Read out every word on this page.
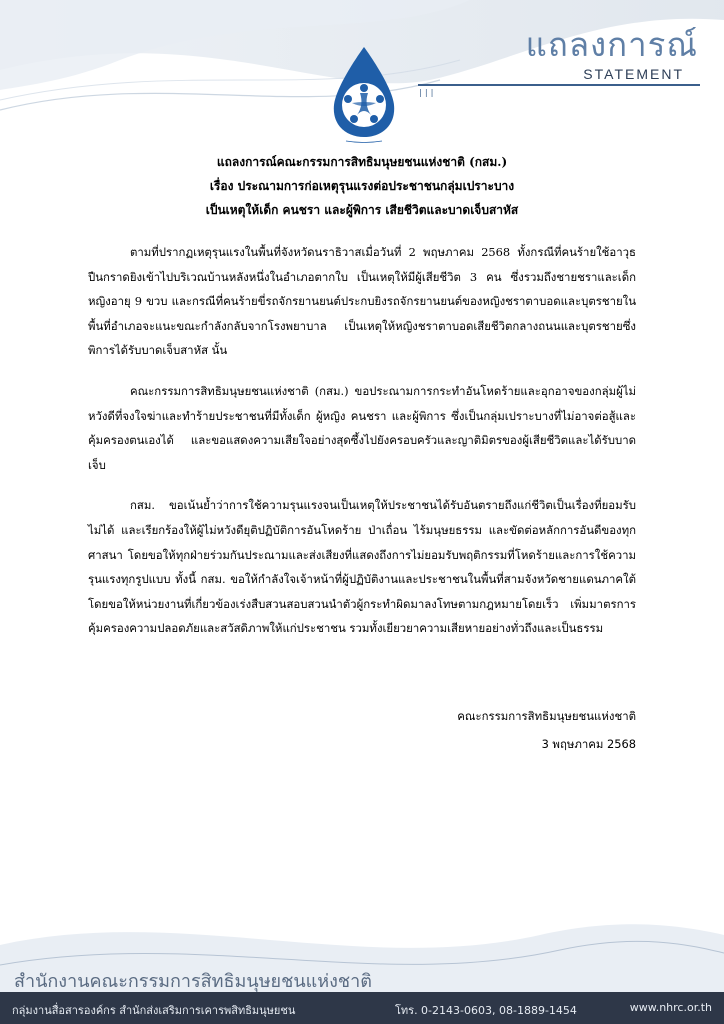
แถลงการณ์
STATEMENT
|||
แถลงการณ์คณะกรรมการสิทธิมนุษยชนแห่งชาติ (กสม.)
เรื่อง ประณามการก่อเหตุรุนแรงต่อประชาชนกลุ่มเปราะบาง
เป็นเหตุให้เด็ก คนชรา และผู้พิการ เสียชีวิตและบาดเจ็บสาหัส

ตามที่ปรากฏเหตุรุนแรงในพื้นที่จังหวัดนราธิวาสเมื่อวันที่ 2 พฤษภาคม 2568 ทั้งกรณีที่คนร้ายใช้อาวุธปืนกราดยิงเข้าไปบริเวณบ้านหลังหนึ่งในอำเภอตากใบ เป็นเหตุให้มีผู้เสียชีวิต 3 คน ซึ่งรวมถึงชายชราและเด็กหญิงอายุ 9 ขวบ และกรณีที่คนร้ายขี่รถจักรยานยนต์ประกบยิงรถจักรยานยนต์ของหญิงชราตาบอดและบุตรชายในพื้นที่อำเภอจะแนะขณะกำลังกลับจากโรงพยาบาล เป็นเหตุให้หญิงชราตาบอดเสียชีวิตกลางถนนและบุตรชายซึ่งพิการได้รับบาดเจ็บสาหัส นั้น

คณะกรรมการสิทธิมนุษยชนแห่งชาติ (กสม.) ขอประณามการกระทำอันโหดร้ายและอุกอาจของกลุ่มผู้ไม่หวังดีที่จงใจฆ่าและทำร้ายประชาชนที่มีทั้งเด็ก ผู้หญิง คนชรา และผู้พิการ ซึ่งเป็นกลุ่มเปราะบางที่ไม่อาจต่อสู้และคุ้มครองตนเองได้ และขอแสดงความเสียใจอย่างสุดซึ้งไปยังครอบครัวและญาติมิตรของผู้เสียชีวิตและได้รับบาดเจ็บ

กสม. ขอเน้นย้ำว่าการใช้ความรุนแรงจนเป็นเหตุให้ประชาชนได้รับอันตรายถึงแก่ชีวิตเป็นเรื่องที่ยอมรับไม่ได้ และเรียกร้องให้ผู้ไม่หวังดียุติปฏิบัติการอันโหดร้าย ป่าเถื่อน ไร้มนุษยธรรม และขัดต่อหลักการอันดีของทุกศาสนา โดยขอให้ทุกฝ่ายร่วมกันประณามและส่งเสียงที่แสดงถึงการไม่ยอมรับพฤติกรรมที่โหดร้ายและการใช้ความรุนแรงทุกรูปแบบ ทั้งนี้ กสม. ขอให้กำลังใจเจ้าหน้าที่ผู้ปฏิบัติงานและประชาชนในพื้นที่สามจังหวัดชายแดนภาคใต้ โดยขอให้หน่วยงานที่เกี่ยวข้องเร่งสืบสวนสอบสวนนำตัวผู้กระทำผิดมาลงโทษตามกฎหมายโดยเร็ว เพิ่มมาตรการคุ้มครองความปลอดภัยและสวัสดิภาพให้แก่ประชาชน รวมทั้งเยียวยาความเสียหายอย่างทั่วถึงและเป็นธรรม

คณะกรรมการสิทธิมนุษยชนแห่งชาติ
3 พฤษภาคม 2568
สำนักงานคณะกรรมการสิทธิมนุษยชนแห่งชาติ
กลุ่มงานสื่อสารองค์กร สำนักส่งเสริมการเคารพสิทธิมนุษยชน	โทร. 0-2143-0603, 08-1889-1454	www.nhrc.or.th
